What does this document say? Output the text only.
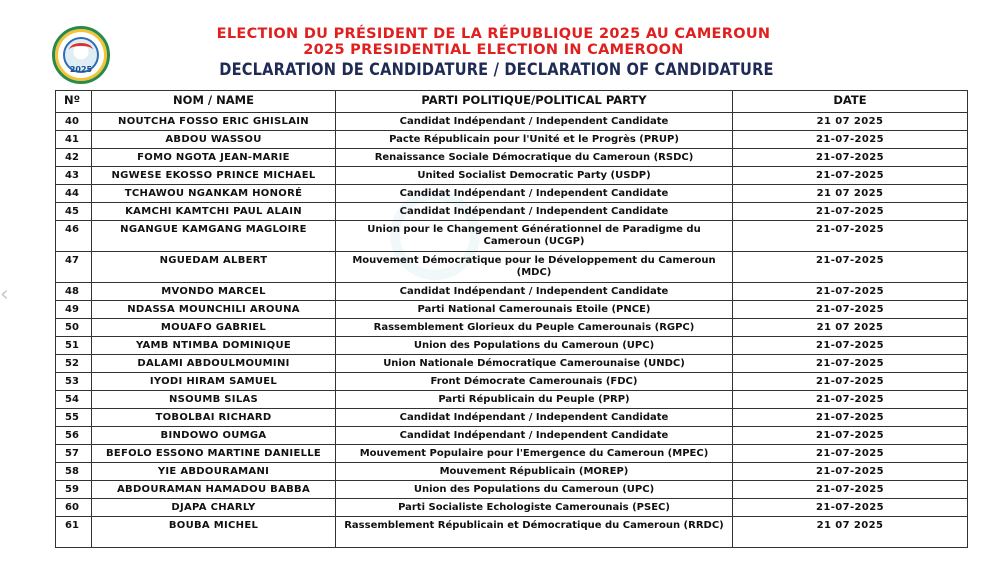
2025
ELECTION DU PRÉSIDENT DE LA RÉPUBLIQUE 2025 AU CAMEROUN
2025 PRESIDENTIAL ELECTION IN CAMEROON
DECLARATION DE CANDIDATURE / DECLARATION OF CANDIDATURE
‹
Nº	NOM / NAME	PARTI POLITIQUE/POLITICAL PARTY	DATE
40	NOUTCHA FOSSO ERIC GHISLAIN	Candidat Indépendant / Independent Candidate	21 07 2025
41	ABDOU WASSOU	Pacte Républicain pour l'Unité et le Progrès (PRUP)	21-07-2025
42	FOMO NGOTA JEAN-MARIE	Renaissance Sociale Démocratique du Cameroun (RSDC)	21-07-2025
43	NGWESE EKOSSO PRINCE MICHAEL	United Socialist Democratic Party (USDP)	21-07-2025
44	TCHAWOU NGANKAM HONORÉ	Candidat Indépendant / Independent Candidate	21 07 2025
45	KAMCHI KAMTCHI PAUL ALAIN	Candidat Indépendant / Independent Candidate	21-07-2025
46	NGANGUE KAMGANG MAGLOIRE	Union pour le Changement Générationnel de Paradigme du Cameroun (UCGP)	21-07-2025
47	NGUEDAM ALBERT	Mouvement Démocratique pour le Développement du Cameroun (MDC)	21-07-2025
48	MVONDO MARCEL	Candidat Indépendant / Independent Candidate	21-07-2025
49	NDASSA MOUNCHILI AROUNA	Parti National Camerounais Etoile (PNCE)	21-07-2025
50	MOUAFO GABRIEL	Rassemblement Glorieux du Peuple Camerounais (RGPC)	21 07 2025
51	YAMB NTIMBA DOMINIQUE	Union des Populations du Cameroun (UPC)	21-07-2025
52	DALAMI ABDOULMOUMINI	Union Nationale Démocratique Camerounaise (UNDC)	21-07-2025
53	IYODI HIRAM SAMUEL	Front Démocrate Camerounais (FDC)	21-07-2025
54	NSOUMB SILAS	Parti Républicain du Peuple (PRP)	21-07-2025
55	TOBOLBAI RICHARD	Candidat Indépendant / Independent Candidate	21-07-2025
56	BINDOWO OUMGA	Candidat Indépendant / Independent Candidate	21-07-2025
57	BEFOLO ESSONO MARTINE DANIELLE	Mouvement Populaire pour l'Emergence du Cameroun (MPEC)	21-07-2025
58	YIE ABDOURAMANI	Mouvement Républicain (MOREP)	21-07-2025
59	ABDOURAMAN HAMADOU BABBA	Union des Populations du Cameroun (UPC)	21-07-2025
60	DJAPA CHARLY	Parti Socialiste Echologiste Camerounais (PSEC)	21-07-2025
61	BOUBA MICHEL	Rassemblement Républicain et Démocratique du Cameroun (RRDC)	21 07 2025
